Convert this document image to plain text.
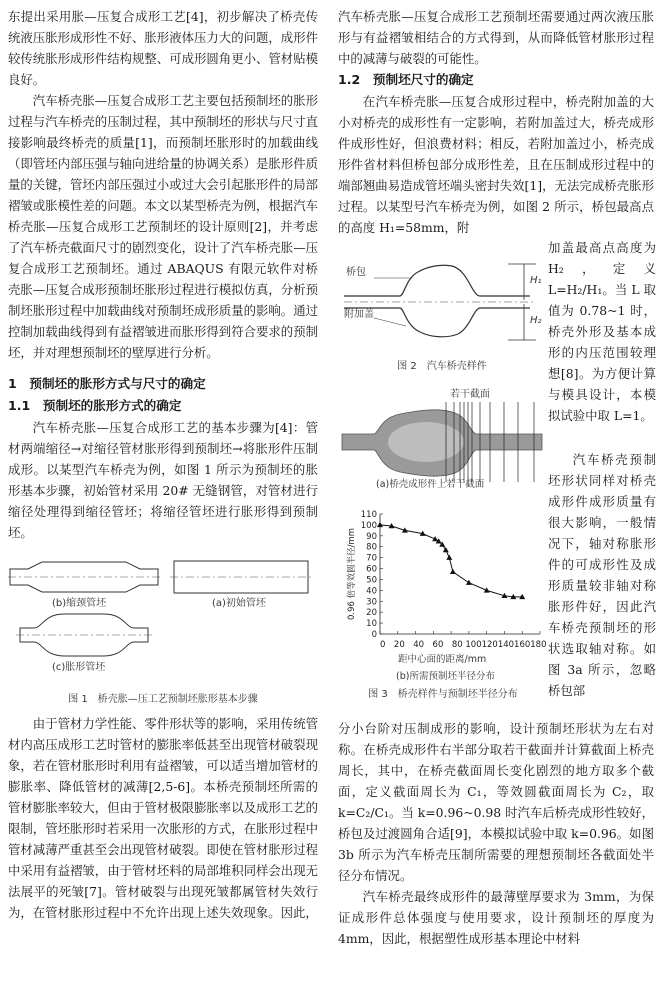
东提出采用胀—压复合成形工艺[4]，初步解决了桥壳传统液压胀形成形性不好、胀形液体压力大的问题，成形件较传统胀形成形件结构规整、可成形圆角更小、管材贴模良好。

汽车桥壳胀—压复合成形工艺主要包括预制坯的胀形过程与汽车桥壳的压制过程，其中预制坯的形状与尺寸直接影响最终桥壳的质量[1]，而预制坯胀形时的加载曲线（即管坯内部压强与轴向进给量的协调关系）是胀形件质量的关键，管坯内部压强过小或过大会引起胀形件的局部褶皱或胀模性差的问题。本文以某型桥壳为例，根据汽车桥壳胀—压复合成形工艺预制坯的设计原则[2]，并考虑了汽车桥壳截面尺寸的剧烈变化，设计了汽车桥壳胀—压复合成形工艺预制坯。通过 ABAQUS 有限元软件对桥壳胀—压复合成形预制坯胀形过程进行模拟仿真，分析预制坯胀形过程中加载曲线对预制坯成形质量的影响。通过控制加载曲线得到有益褶皱进而胀形得到符合要求的预制坯，并对理想预制坯的壁厚进行分析。

1　预制坯的胀形方式与尺寸的确定
1.1　预制坯的胀形方式的确定

汽车桥壳胀—压复合成形工艺的基本步骤为[4]：管材两端缩径→对缩径管材胀形得到预制坯→将胀形件压制成形。以某型汽车桥壳为例，如图 1 所示为预制坯的胀形基本步骤，初始管材采用 20# 无缝钢管，对管材进行缩径处理得到缩径管坯；将缩径管坯进行胀形得到预制坯。

(b)缩颈管坯	(a)初始管坯
(c)胀形管坯
图 1　桥壳胀—压工艺预制坯胀形基本步骤

由于管材力学性能、零件形状等的影响，采用传统管材内高压成形工艺时管材的膨胀率低甚至出现管材破裂现象，若在管材胀形时利用有益褶皱，可以适当增加管材的膨胀率、降低管材的减薄[2,5-6]。本桥壳预制坯所需的管材膨胀率较大，但由于管材极限膨胀率以及成形工艺的限制，管坯胀形时若采用一次胀形的方式，在胀形过程中管材减薄严重甚至会出现管材破裂。即使在管材胀形过程中采用有益褶皱，由于管材坯料的局部堆积同样会出现无法展平的死皱[7]。管材破裂与出现死皱都属管材失效行为，在管材胀形过程中不允许出现上述失效现象。因此，

汽车桥壳胀—压复合成形工艺预制坯需要通过两次液压胀形与有益褶皱相结合的方式得到，从而降低管材胀形过程中的减薄与破裂的可能性。

1.2　预制坯尺寸的确定

在汽车桥壳胀—压复合成形过程中，桥壳附加盖的大小对桥壳的成形性有一定影响，若附加盖过大，桥壳成形件成形性好，但浪费材料；相反，若附加盖过小，桥壳成形件省材料但桥包部分成形性差，且在压制成形过程中的端部翘曲易造成管坯端头密封失效[1]，无法完成桥壳胀形过程。以某型号汽车桥壳为例，如图 2 所示，桥包最高点的高度 H₁=58mm，附

桥包
附加盖
H₁
H₂
图 2　汽车桥壳样件
若干截面
(a)桥壳成形件上若干截面
0
10
20
30
40
50
60
70
80
90
100
110
0.96 倍等效圆半径/mm
0　20　40　60　80 100120140160180
距中心面的距离/mm
(b)所需预制坯半径分布
图 3　桥壳样件与预制坯半径分布
加盖最高点高度为 H₂，定义 L=H₂/H₁。当 L 取值为 0.78~1 时，桥壳外形及基本成形的内压范围较理想[8]。为方便计算与模具设计，本模拟试验中取 L=1。
汽车桥壳预制坯形状同样对桥壳成形件成形质量有很大影响，一般情况下，轴对称胀形件的可成形性及成形质量较非轴对称胀形件好，因此汽车桥壳预制坯的形状选取轴对称。如图 3a 所示，忽略桥包部

分小台阶对压制成形的影响，设计预制坯形状为左右对称。在桥壳成形件右半部分取若干截面并计算截面上桥壳周长，其中，在桥壳截面周长变化剧烈的地方取多个截面，定义截面周长为 C₁，等效圆截面周长为 C₂，取 k=C₂/C₁。当 k=0.96~0.98 时汽车后桥壳成形性较好，桥包及过渡圆角合适[9]，本模拟试验中取 k=0.96。如图 3b 所示为汽车桥壳压制所需要的理想预制坯各截面处半径分布情况。

汽车桥壳最终成形件的最薄壁厚要求为 3mm，为保证成形件总体强度与使用要求，设计预制坯的厚度为 4mm，因此，根据塑性成形基本理论中材料
